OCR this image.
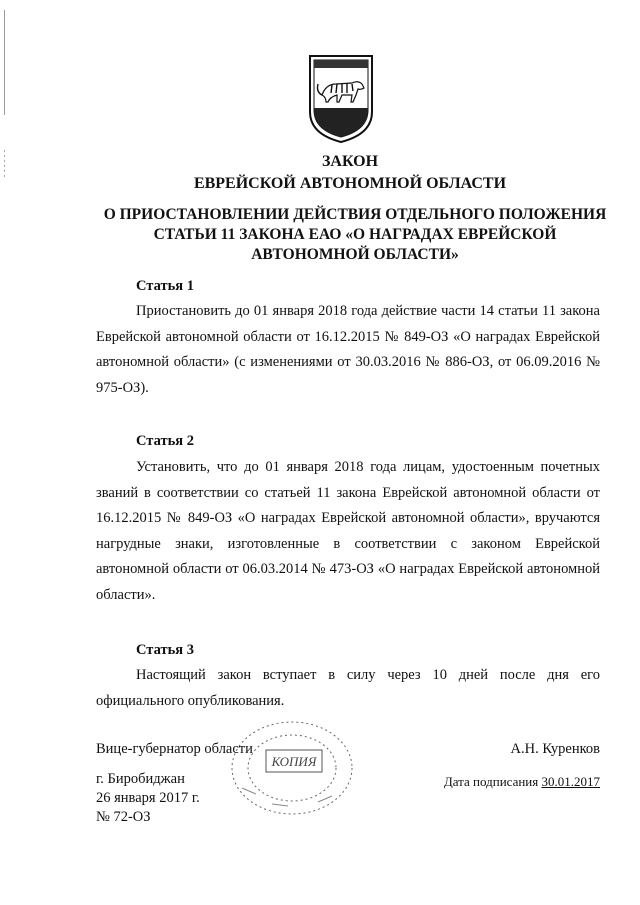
ЗАКОН
ЕВРЕЙСКОЙ АВТОНОМНОЙ ОБЛАСТИ
О ПРИОСТАНОВЛЕНИИ ДЕЙСТВИЯ ОТДЕЛЬНОГО ПОЛОЖЕНИЯ СТАТЬИ 11 ЗАКОНА ЕАО «О НАГРАДАХ ЕВРЕЙСКОЙ АВТОНОМНОЙ ОБЛАСТИ»
Статья 1
Приостановить до 01 января 2018 года действие части 14 статьи 11 закона Еврейской автономной области от 16.12.2015 № 849-ОЗ «О наградах Еврейской автономной области» (с изменениями от 30.03.2016 № 886-ОЗ, от 06.09.2016 № 975-ОЗ).
Статья 2
Установить, что до 01 января 2018 года лицам, удостоенным почетных званий в соответствии со статьей 11 закона Еврейской автономной области от 16.12.2015 № 849-ОЗ «О наградах Еврейской автономной области», вручаются нагрудные знаки, изготовленные в соответствии с законом Еврейской автономной области от 06.03.2014 № 473-ОЗ «О наградах Еврейской автономной области».
Статья 3
Настоящий закон вступает в силу через 10 дней после дня его официального опубликования.
КОПИЯ
Вице-губернатор области	А.Н. Куренков
г. Биробиджан
26 января 2017 г.
№ 72-ОЗ
Дата подписания 30.01.2017
